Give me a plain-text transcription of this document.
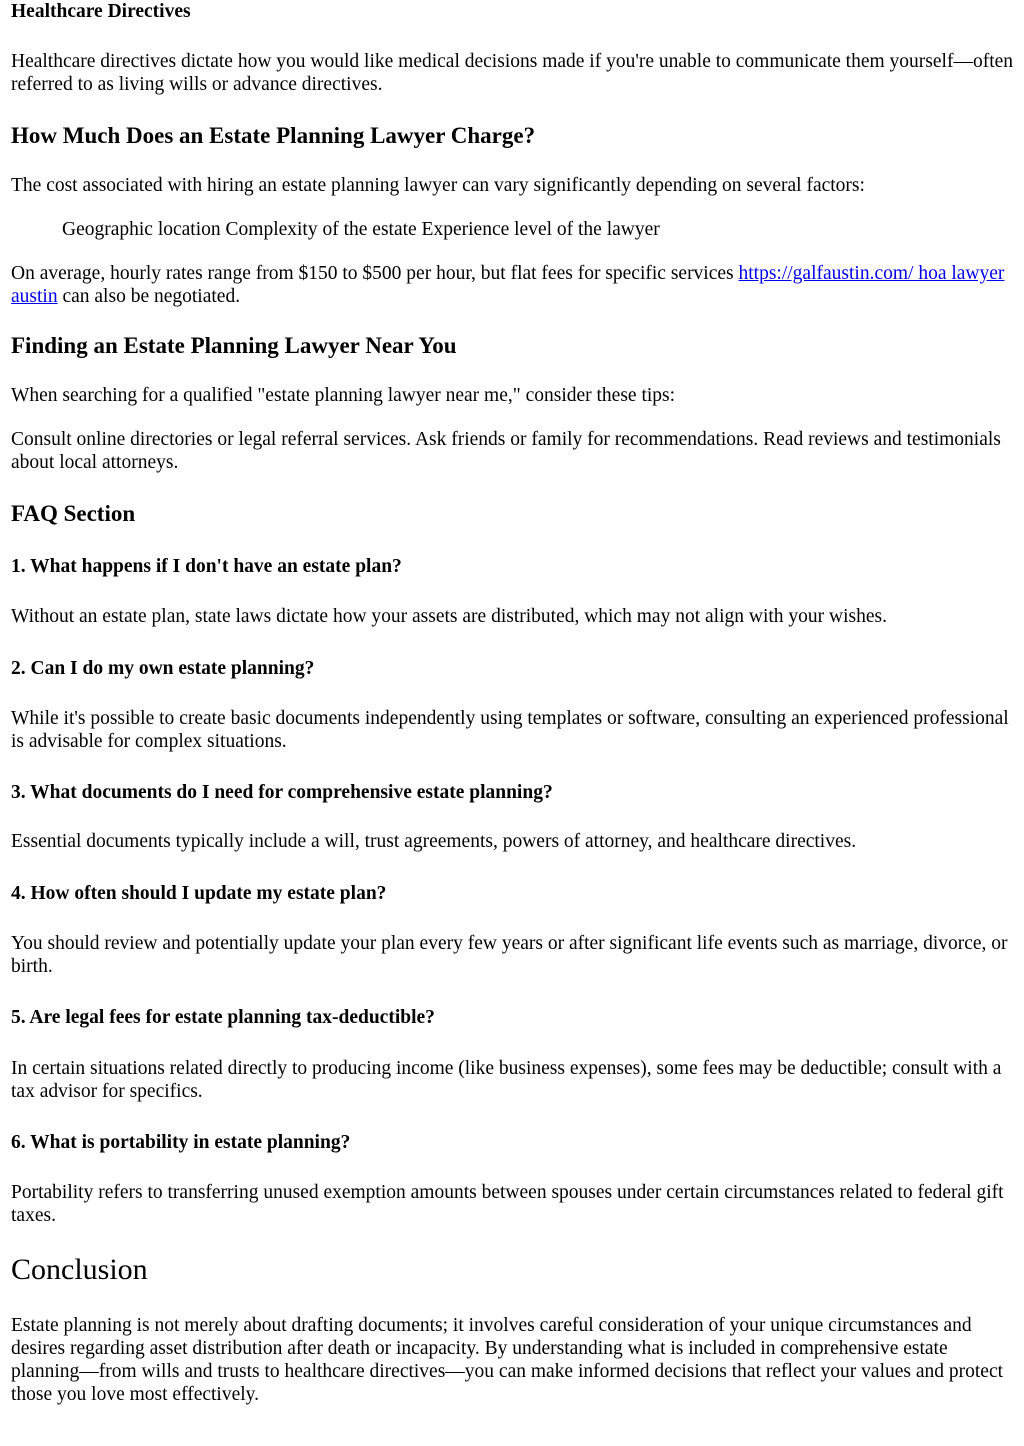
Healthcare Directives

Healthcare directives dictate how you would like medical decisions made if you're unable to communicate them yourself—often referred to as living wills or advance directives.

How Much Does an Estate Planning Lawyer Charge?

The cost associated with hiring an estate planning lawyer can vary significantly depending on several factors:

Geographic location Complexity of the estate Experience level of the lawyer

On average, hourly rates range from $150 to $500 per hour, but flat fees for specific services https://galfaustin.com/ hoa lawyer austin can also be negotiated.

Finding an Estate Planning Lawyer Near You

When searching for a qualified "estate planning lawyer near me," consider these tips:

Consult online directories or legal referral services. Ask friends or family for recommendations. Read reviews and testimonials about local attorneys.

FAQ Section
1. What happens if I don't have an estate plan?

Without an estate plan, state laws dictate how your assets are distributed, which may not align with your wishes.

2. Can I do my own estate planning?

While it's possible to create basic documents independently using templates or software, consulting an experienced professional is advisable for complex situations.

3. What documents do I need for comprehensive estate planning?

Essential documents typically include a will, trust agreements, powers of attorney, and healthcare directives.

4. How often should I update my estate plan?

You should review and potentially update your plan every few years or after significant life events such as marriage, divorce, or birth.

5. Are legal fees for estate planning tax-deductible?

In certain situations related directly to producing income (like business expenses), some fees may be deductible; consult with a tax advisor for specifics.

6. What is portability in estate planning?

Portability refers to transferring unused exemption amounts between spouses under certain circumstances related to federal gift taxes.

Conclusion

Estate planning is not merely about drafting documents; it involves careful consideration of your unique circumstances and desires regarding asset distribution after death or incapacity. By understanding what is included in comprehensive estate planning—from wills and trusts to healthcare directives—you can make informed decisions that reflect your values and protect those you love most effectively.
